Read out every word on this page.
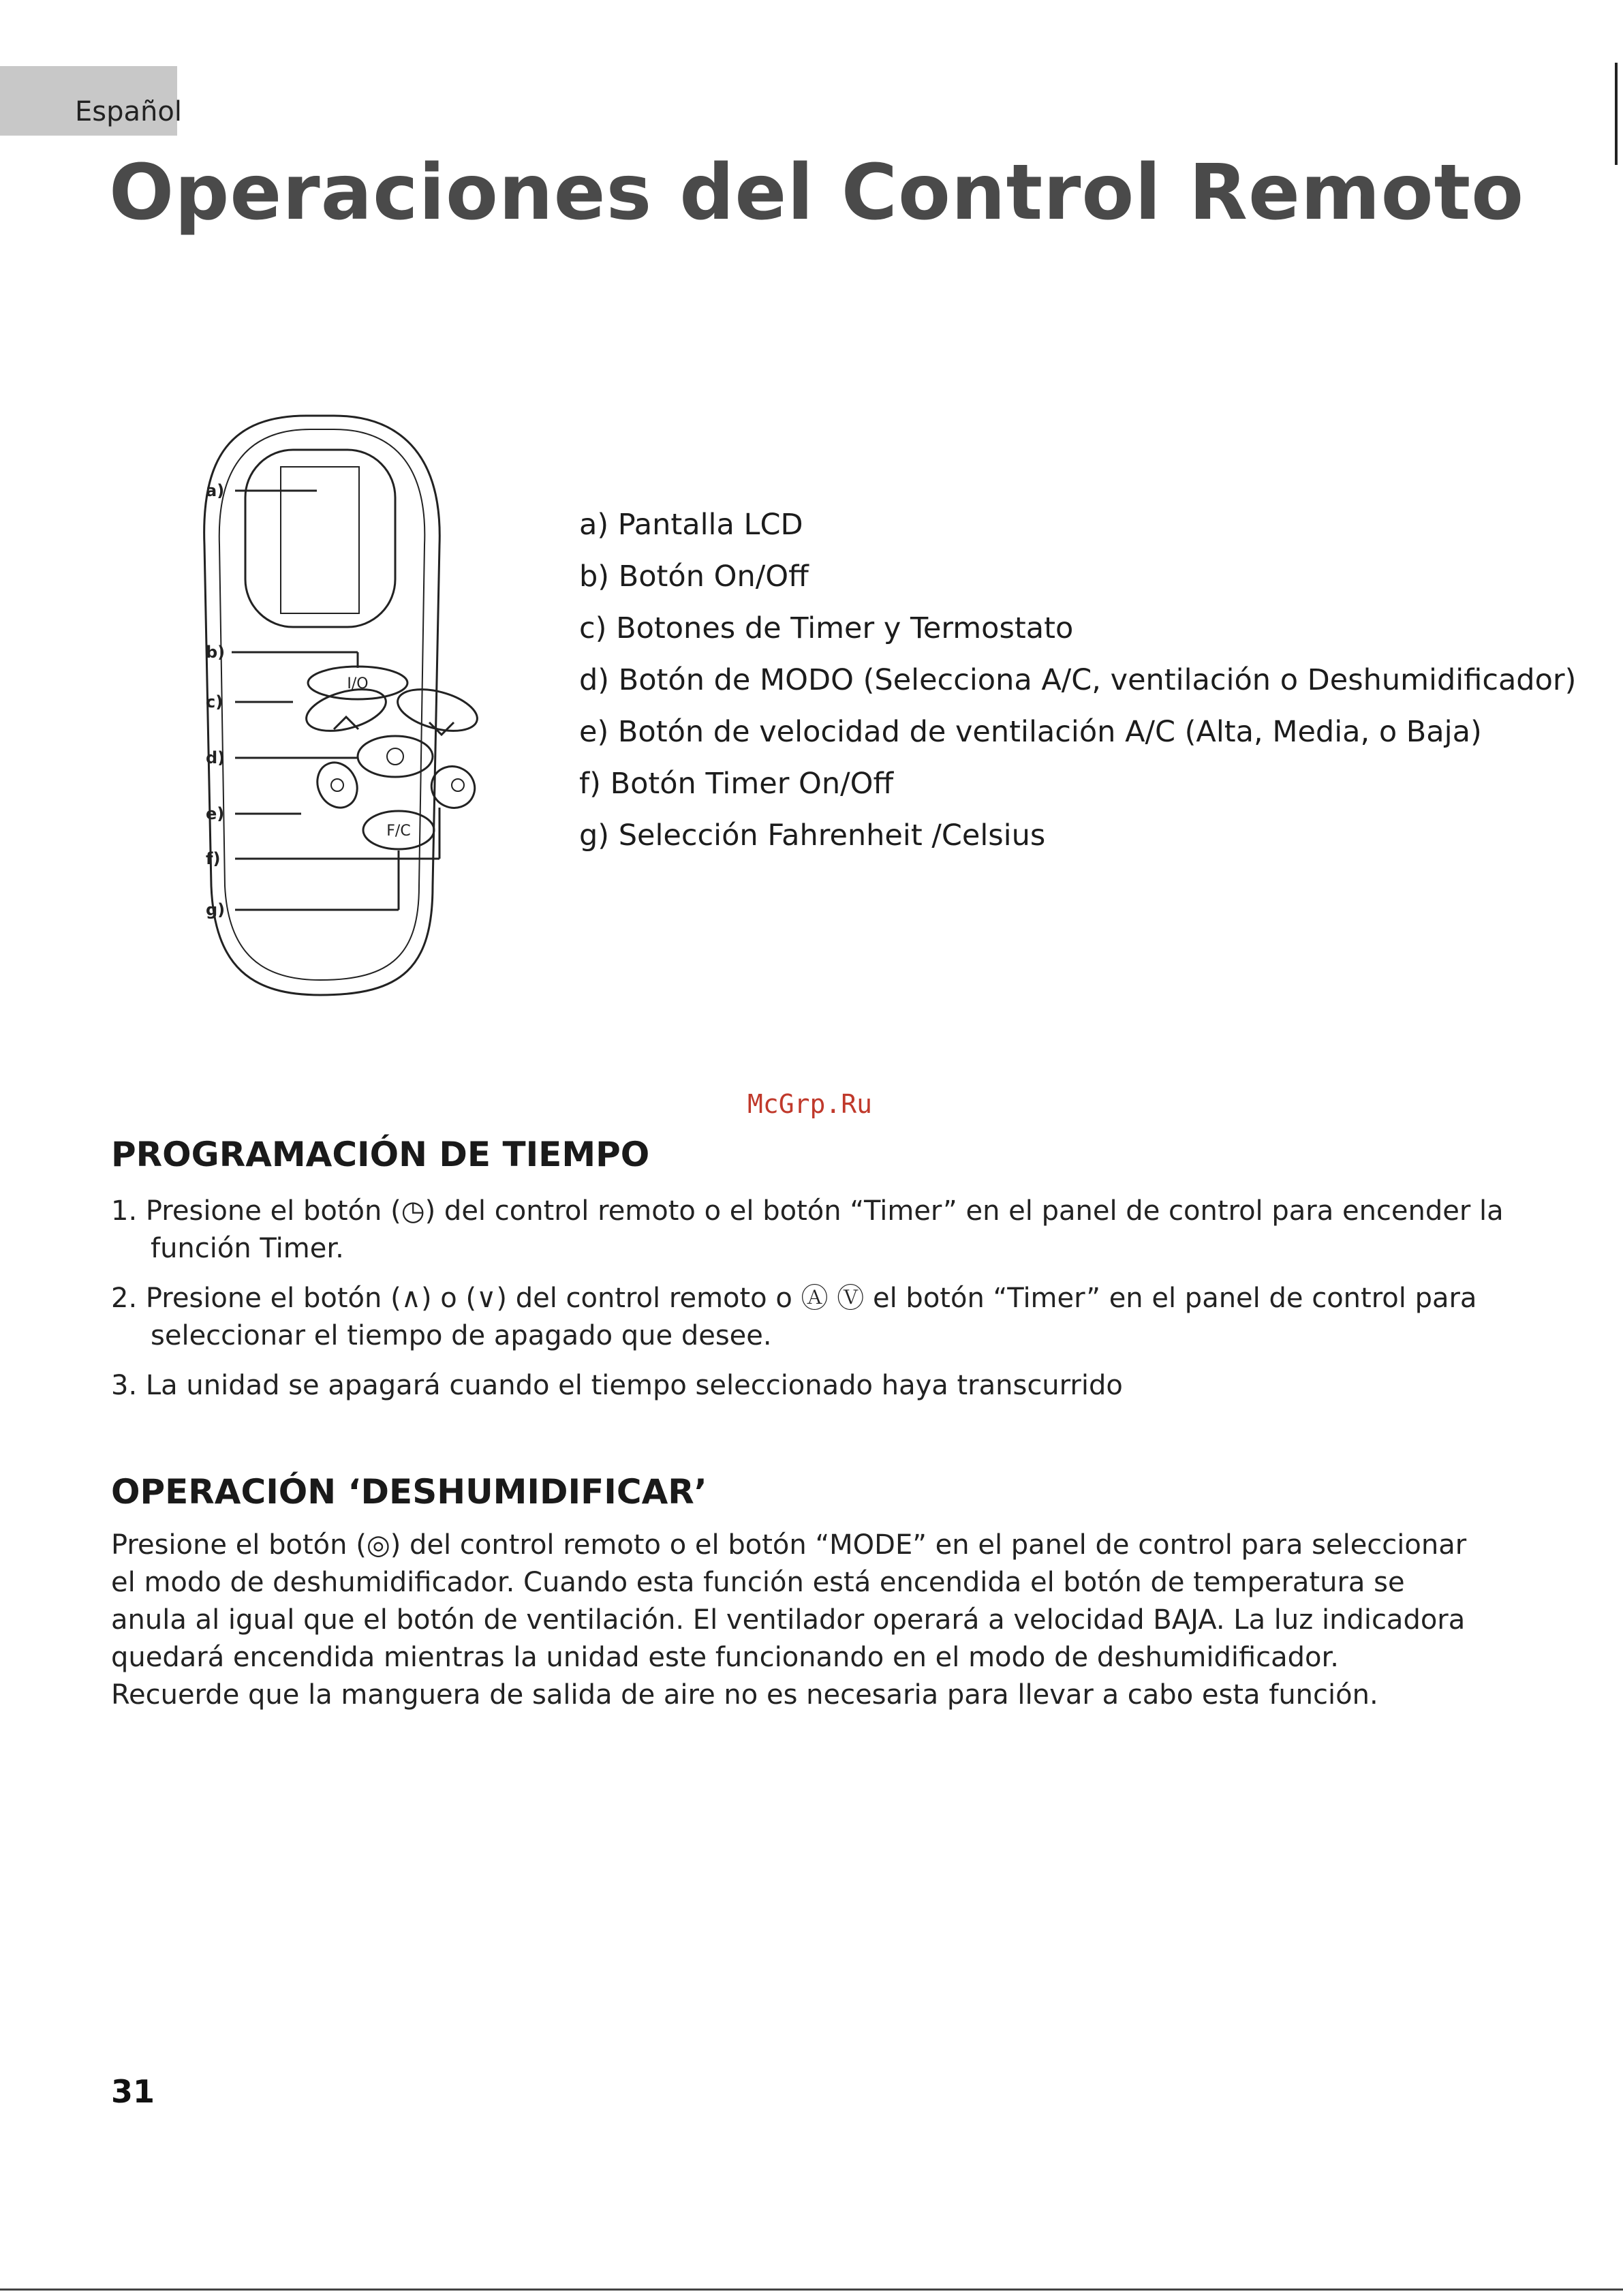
Español
Operaciones del Control Remoto
a)
b)
c)
d)
e)
f)
g)
I/O
F/C
a) Pantalla LCD
b) Botón On/Off
c) Botones de Timer y Termostato
d) Botón de MODO (Selecciona A/C, ventilación o Deshumidificador)
e) Botón de velocidad de ventilación A/C (Alta, Media, o Baja)
f) Botón Timer On/Off
g) Selección Fahrenheit /Celsius
McGrp.Ru
PROGRAMACIÓN DE TIEMPO
1. Presione el botón (◷) del control remoto o el botón “Timer” en el panel de control para encender la función Timer.
2. Presione el botón (∧) o (∨) del control remoto o Ⓐ Ⓥ el botón “Timer” en el panel de control para seleccionar el tiempo de apagado que desee.
3. La unidad se apagará cuando el tiempo seleccionado haya transcurrido
OPERACIÓN ‘DESHUMIDIFICAR’

Presione el botón (◎) del control remoto o el botón “MODE” en el panel de control para seleccionar el modo de deshumidificador. Cuando esta función está encendida el botón de temperatura se anula al igual que el botón de ventilación. El ventilador operará a velocidad BAJA. La luz indicadora quedará encendida mientras la unidad este funcionando en el modo de deshumidificador. Recuerde que la manguera de salida de aire no es necesaria para llevar a cabo esta función.

31
